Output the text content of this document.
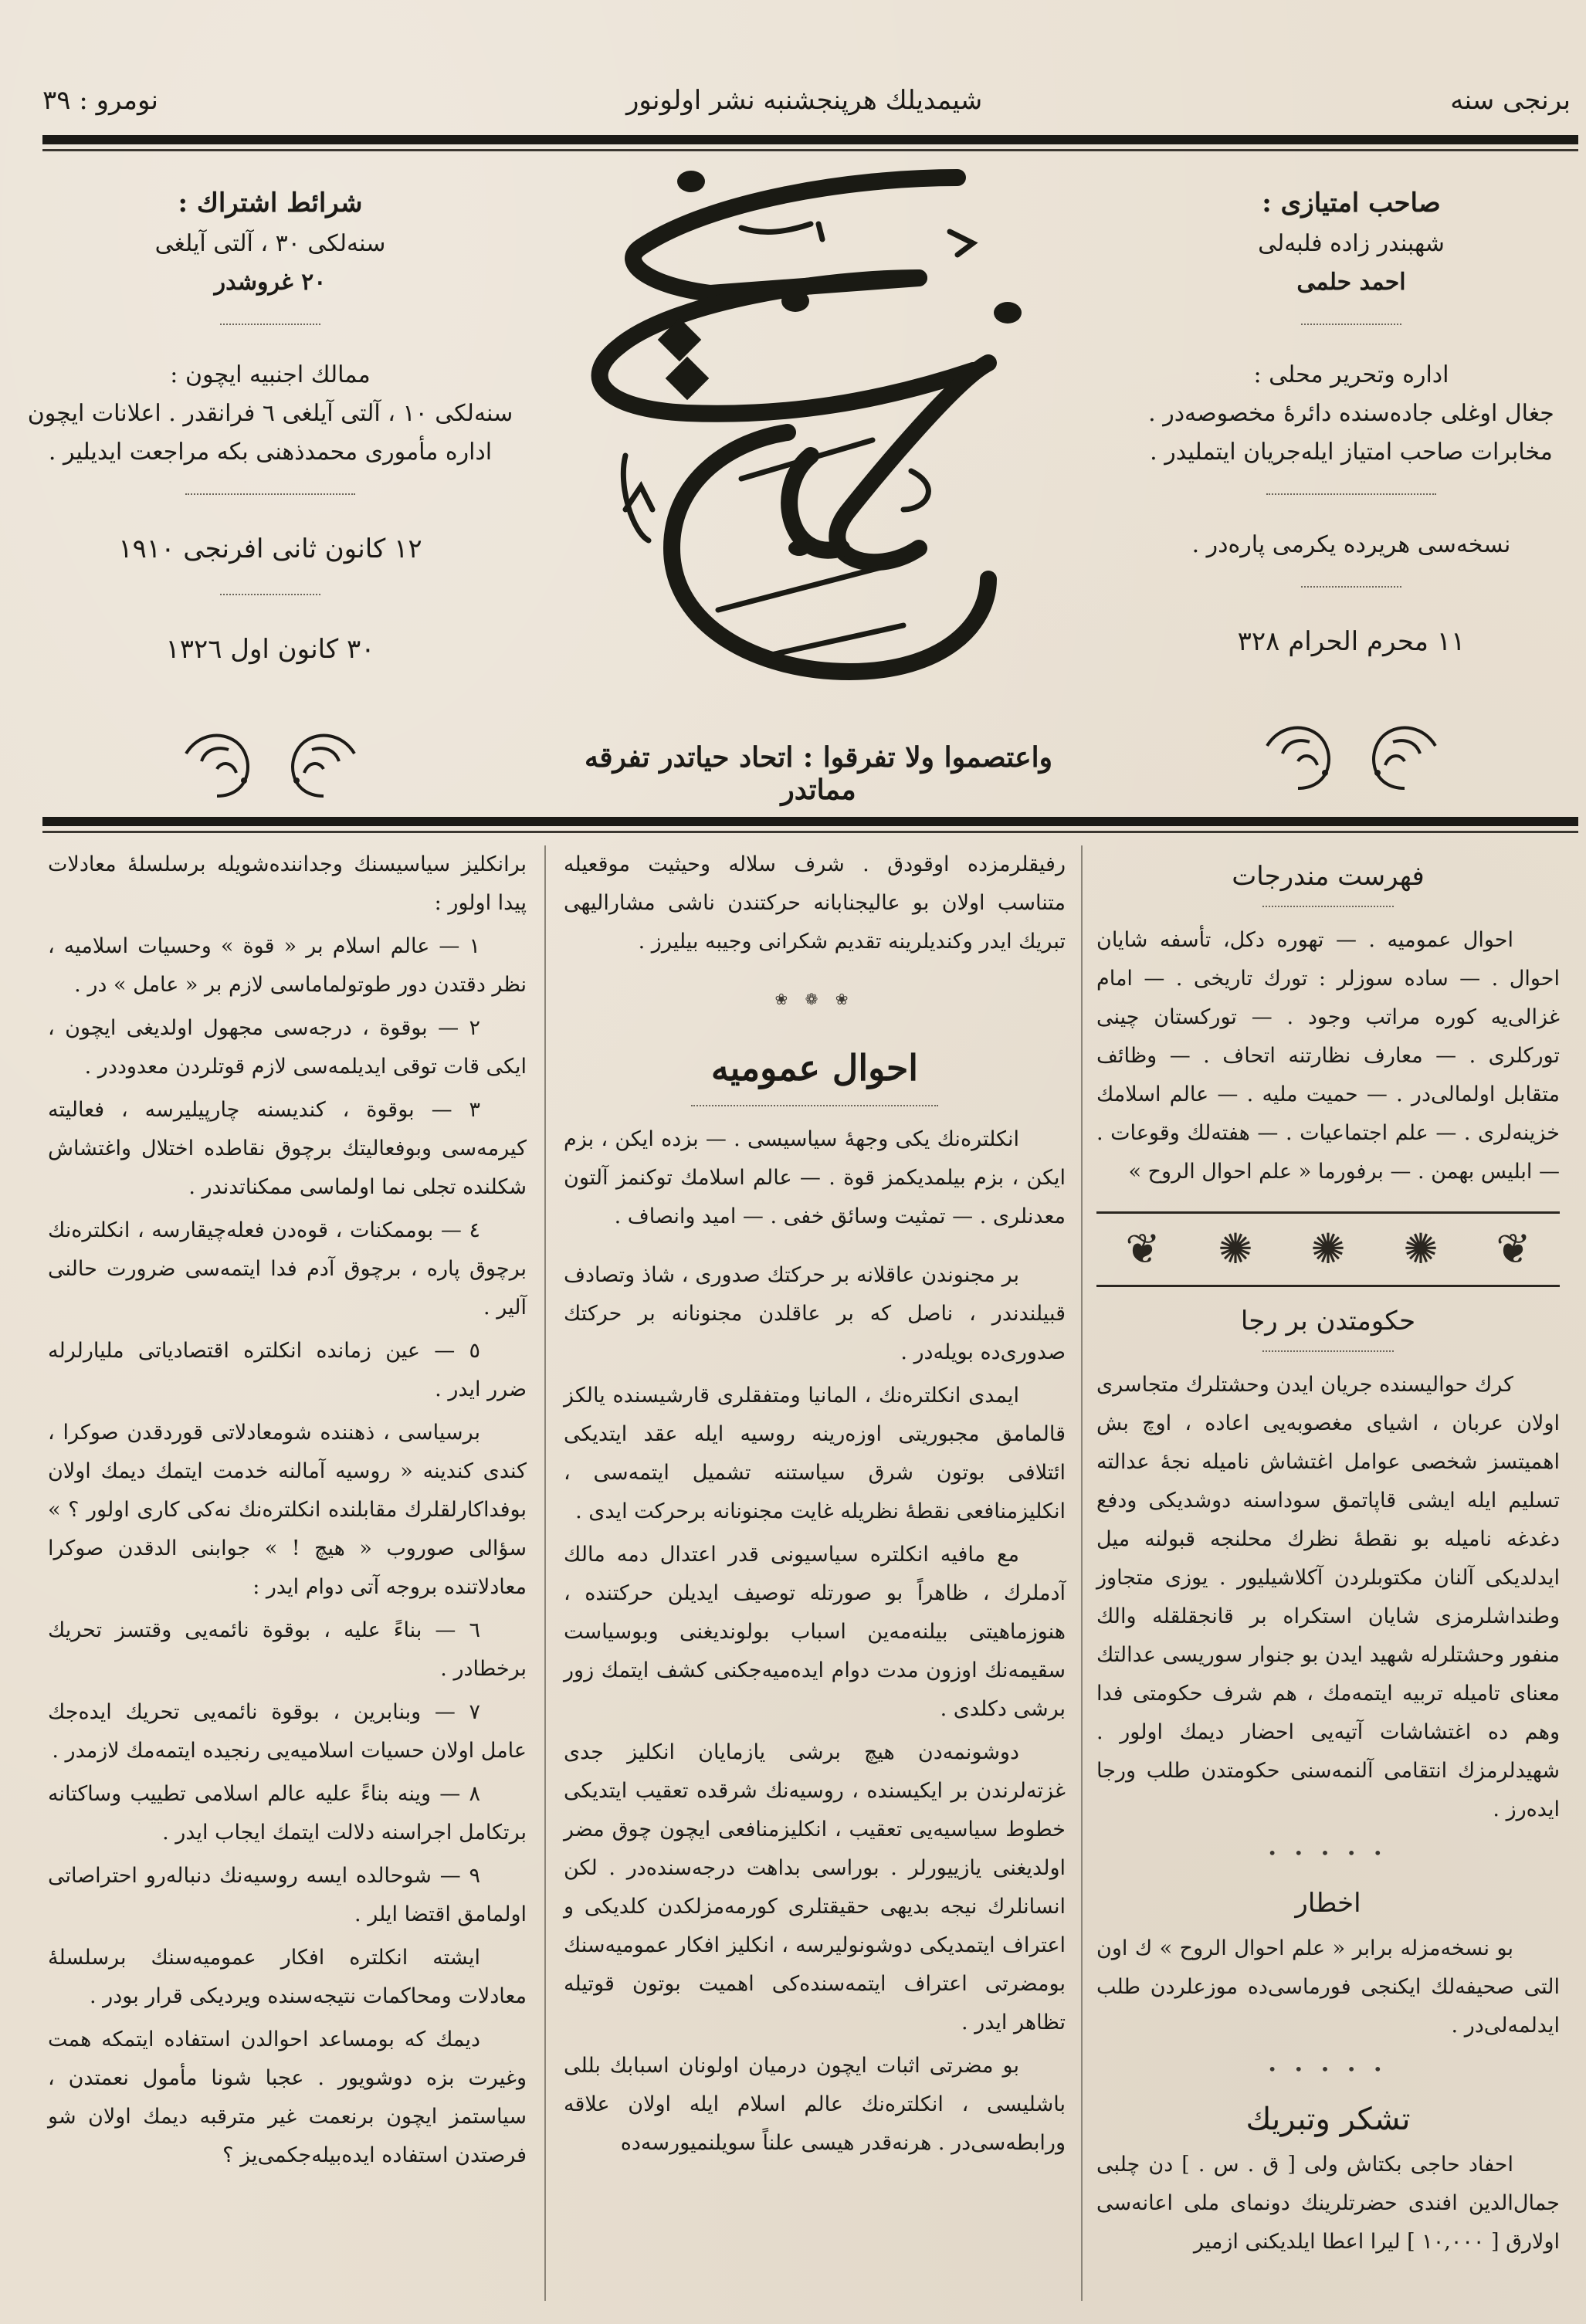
نومرو : ٣٩	شیمدیلك هرپنجشنبه نشر اولونور	برنجی سنه
صاحب امتیازی :
شهبندر زاده فلبه‌لی
احمد حلمی
اداره وتحریر محلی :
جغال اوغلی جاده‌سنده دائرۀ مخصوصه‌در .
مخابرات صاحب امتیاز ایله‌جریان ایتملیدر .
نسخه‌سی هریرده یكرمی پاره‌در .
١١ محرم الحرام ٣٢٨
شرائط اشتراك :
سنه‌لكی ٣٠ ، آلتی آیلغی
٢٠ غروشدر
ممالك اجنبیه ایچون :
سنه‌لكی ١٠ ، آلتی آیلغی ٦ فرانقدر . اعلانات ایچون
اداره مأموری محمدذهنی بكه مراجعت ایدیلیر .
١٢ كانون ثانی افرنجی ١٩١٠
٣٠ كانون اول ١٣٢٦
واعتصموا ولا تفرقوا : اتحاد حیاتدر تفرقه مماتدر
فهرست مندرجات

احوال عمومیه . — تهوره دكل، تأسفه شایان احوال . — ساده سوزلر : تورك تاریخی . — امام غزالی‌یه كوره مراتب وجود . — توركستان چینی توركلری . — معارف نظارتنه اتحاف . — وظائف متقابل اولمالی‌در . — حمیت ملیه . — عالم اسلامك خزینه‌لری . — علم اجتماعیات . — هفته‌لك وقوعات . — ابلیس بهمن . — برفورما « علم احوال الروح »

❦
✺
✺
✺
❦
حكومتدن بر رجا

كرك حوالیسنده جریان ایدن وحشتلرك متجاسری اولان عربان ، اشیای مغصوبه‌یی اعاده ، اوچ بش اهمیتسز شخصی عوامل اغتشاش نامیله نجۀ عدالته تسلیم ایله ایشی قاپاتمق سوداسنه دوشدیكی ودفع دغدغه نامیله بو نقطۀ نظرك محلنجه قبولنه میل ایدلدیكی آلنان مكتوبلردن آكلاشیلیور . یوزی متجاوز وطنداشلرمزی شایان استكراه بر قانجقلقله والك منفور وحشتلرله شهید ایدن بو جنوار سوریسی عدالتك معنای تامیله تربیه ایتمه‌مك ، هم شرف حكومتی فدا وهم ده اغتشاشات آتیه‌یی احضار دیمك اولور . شهیدلرمزك انتقامی آلنمه‌سنی حكومتدن طلب ورجا ایده‌رز .

• • • • •
اخطار

بو نسخه‌مزله برابر « علم احوال الروح » ك اون التی صحیفه‌لك ایكنجی فورماسی‌ده موزعلردن طلب ایدلمه‌لی‌در .

• • • • •
تشكر وتبریك

احفاد حاجی بكتاش ولی [ ق . س . ] دن چلبی جمال‌الدین افندی حضرتلرینك دونمای ملی اعانه‌سی اولارق [ ١٠,٠٠٠ ] لیرا اعطا ایلدیكنی ازمیر

رفیقلرمزده اوقودق . شرف سلاله وحیثیت موقعیله متناسب اولان بو عالیجنابانه حركتندن ناشی مشارالیهی تبریك ایدر وكندیلرینه تقدیم شكرانی وجیبه بیلیرز .

❀ ❁ ❀
احوال عمومیه

انكلتره‌نك یكی وجهۀ سیاسیسی . — بزده ایكن ، بزم ایكن ، بزم بیلمدیكمز قوة . — عالم اسلامك توكنمز آلتون معدنلری . — تمثیت وسائق خفی . — امید وانصاف .

بر مجنوندن عاقلانه بر حركتك صدوری ، شاذ وتصادف قبیلندندر ، ناصل كه بر عاقلدن مجنونانه بر حركتك صدوری‌ده بویله‌در .

ایمدی انكلتره‌نك ، المانیا ومتفقلری قارشیسنده یالكز قالمامق مجبوریتی اوزه‌رینه روسیه ایله عقد ایتدیكی ائتلافی بوتون شرق سیاستنه تشمیل ایتمه‌سی ، انكلیزمنافعی نقطۀ نظریله غایت مجنونانه برحركت ایدی .

مع مافیه انكلتره سیاسیونی قدر اعتدال دمه مالك آدملرك ، ظاهراً بو صورتله توصیف ایدیلن حركتنده ، هنوزماهیتی بیلنه‌مه‌ین اسباب بولوندیغنی وبوسیاست سقیمه‌نك اوزون مدت دوام ایده‌میه‌جكنی كشف ایتمك زور برشی دكلدی .

دوشونمه‌دن هیچ برشی یازمایان انكلیز جدی غزته‌لرندن بر ایكیسنده ، روسیه‌نك شرقده تعقیب ایتدیكی خطوط سیاسیه‌یی تعقیب ، انكلیزمنافعی ایچون چوق مضر اولدیغنی یازییورلر . بوراسی بداهت درجه‌سنده‌در . لكن انسانلرك نیجه بدیهی حقیقتلری كورمه‌مزلكدن كلدیكی و اعتراف ایتمدیكی دوشونولیرسه ، انكلیز افكار عمومیه‌سنك بومضرتی اعتراف ایتمه‌سنده‌كی اهمیت بوتون قوتیله تظاهر ایدر .

بو مضرتی اثبات ایچون درمیان اولونان اسبابك بللی باشلیسی ، انكلتره‌نك عالم اسلام ایله اولان علاقه ورابطه‌سی‌در . هرنه‌قدر هیسی علناً سویلنمیورسه‌ده

برانكلیز سیاسیسنك وجداننده‌شویله برسلسلۀ معادلات پیدا اولور :

١ — عالم اسلام بر « قوة » وحسیات اسلامیه ، نظر دقتدن دور طوتولماماسی لازم بر « عامل » در .

٢ — بوقوة ، درجه‌سی مجهول اولدیغی ایچون ، ایكی قات توقی ایدیلمه‌سی لازم قوتلردن معدوددر .

٣ — بوقوة ، كندیسنه چارپیلیرسه ، فعالیته كیرمه‌سی وبوفعالیتك برچوق نقاطده اختلال واغتشاش شكلنده تجلی نما اولماسی ممكناتدندر .

٤ — بوممكنات ، قوه‌دن فعله‌چیقارسه ، انكلتره‌نك برچوق پاره ، برچوق آدم فدا ایتمه‌سی ضرورت حالنی آلیر .

٥ — عین زمانده انكلتره اقتصادیاتی ملیارلرله ضرر ایدر .

برسیاسی ، ذهننده شومعادلاتی قوردقدن صوكرا ، كندی كندینه « روسیه آمالنه خدمت ایتمك دیمك اولان بوفداكارلقلرك مقابلنده انكلتره‌نك نه‌كی كاری اولور ؟ » سؤالی صوروب « هیچ ! » جوابنی الدقدن صوكرا معادلاتنده بروجه آتی دوام ایدر :

٦ — بناءً علیه ، بوقوة نائمه‌یی وقتسز تحریك برخطادر .

٧ — وبنابرین ، بوقوة نائمه‌یی تحریك ایده‌جك عامل اولان حسیات اسلامیه‌یی رنجیده ایتمه‌مك لازمدر .

٨ — وینه بناءً علیه عالم اسلامی تطییب وساكتانه برتكامل اجراسنه دلالت ایتمك ایجاب ایدر .

٩ — شوحالده ایسه روسیه‌نك دنباله‌رو احتراصاتی اولمامق اقتضا ایلر .

ایشته انكلتره افكار عمومیه‌سنك برسلسلۀ معادلات ومحاكمات نتیجه‌سنده ویردیكی قرار بودر .

دیمك كه بومساعد احوالدن استفاده ایتمكه همت وغیرت بزه دوشویور . عجبا شونا مأمول نعمتدن ، سیاستمز ایچون برنعمت غیر مترقبه دیمك اولان شو فرصتدن استفاده ایده‌بیله‌جكمی‌یز ؟
